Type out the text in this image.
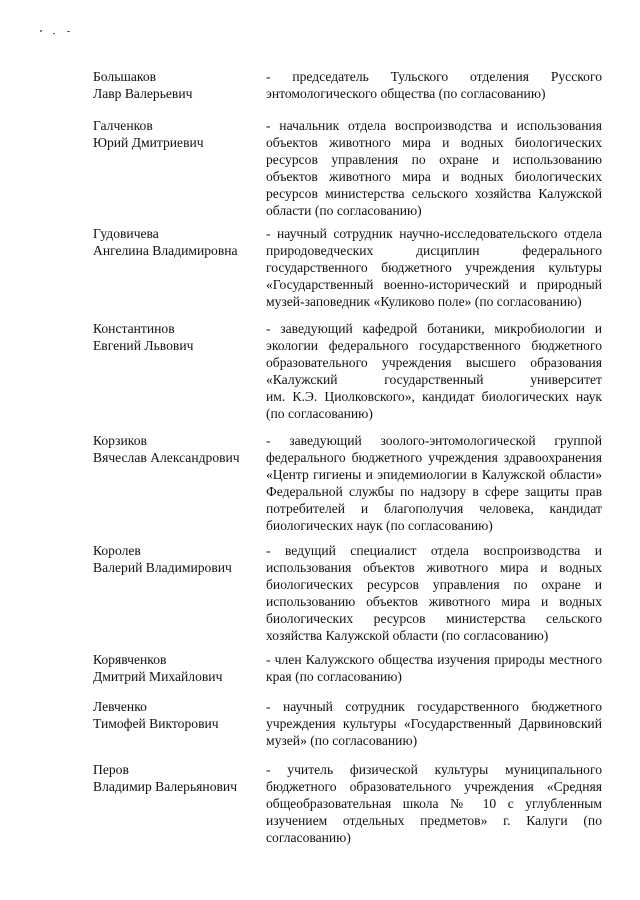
Большаков
Лавр Валерьевич
- председатель Тульского отделения Русского
энтомологического общества (по согласованию)
Галченков
Юрий Дмитриевич
- начальник отдела воспроизводства и использования
объектов животного мира и водных биологических
ресурсов управления по охране и использованию
объектов животного мира и водных биологических
ресурсов министерства сельского хозяйства Калужской
области (по согласованию)
Гудовичева
Ангелина Владимировна
- научный сотрудник научно-исследовательского отдела
природоведческих дисциплин федерального
государственного бюджетного учреждения культуры
«Государственный военно-исторический и природный
музей-заповедник «Куликово поле» (по согласованию)
Константинов
Евгений Львович
- заведующий кафедрой ботаники, микробиологии и
экологии федерального государственного бюджетного
образовательного учреждения высшего образования
«Калужский государственный университет
им. К.Э. Циолковского», кандидат биологических наук
(по согласованию)
Корзиков
Вячеслав Александрович
- заведующий зоолого-энтомологической группой
федерального бюджетного учреждения здравоохранения
«Центр гигиены и эпидемиологии в Калужской области»
Федеральной службы по надзору в сфере защиты прав
потребителей и благополучия человека, кандидат
биологических наук (по согласованию)
Королев
Валерий Владимирович
- ведущий специалист отдела воспроизводства и
использования объектов животного мира и водных
биологических ресурсов управления по охране и
использованию объектов животного мира и водных
биологических ресурсов министерства сельского
хозяйства Калужской области (по согласованию)
Корявченков
Дмитрий Михайлович
- член Калужского общества изучения природы местного
края (по согласованию)
Левченко
Тимофей Викторович
- научный сотрудник государственного бюджетного
учреждения культуры «Государственный Дарвиновский
музей» (по согласованию)
Перов
Владимир Валерьянович
- учитель физической культуры муниципального
бюджетного образовательного учреждения «Средняя
общеобразовательная школа № 10 с углубленным
изучением отдельных предметов» г. Калуги (по
согласованию)
